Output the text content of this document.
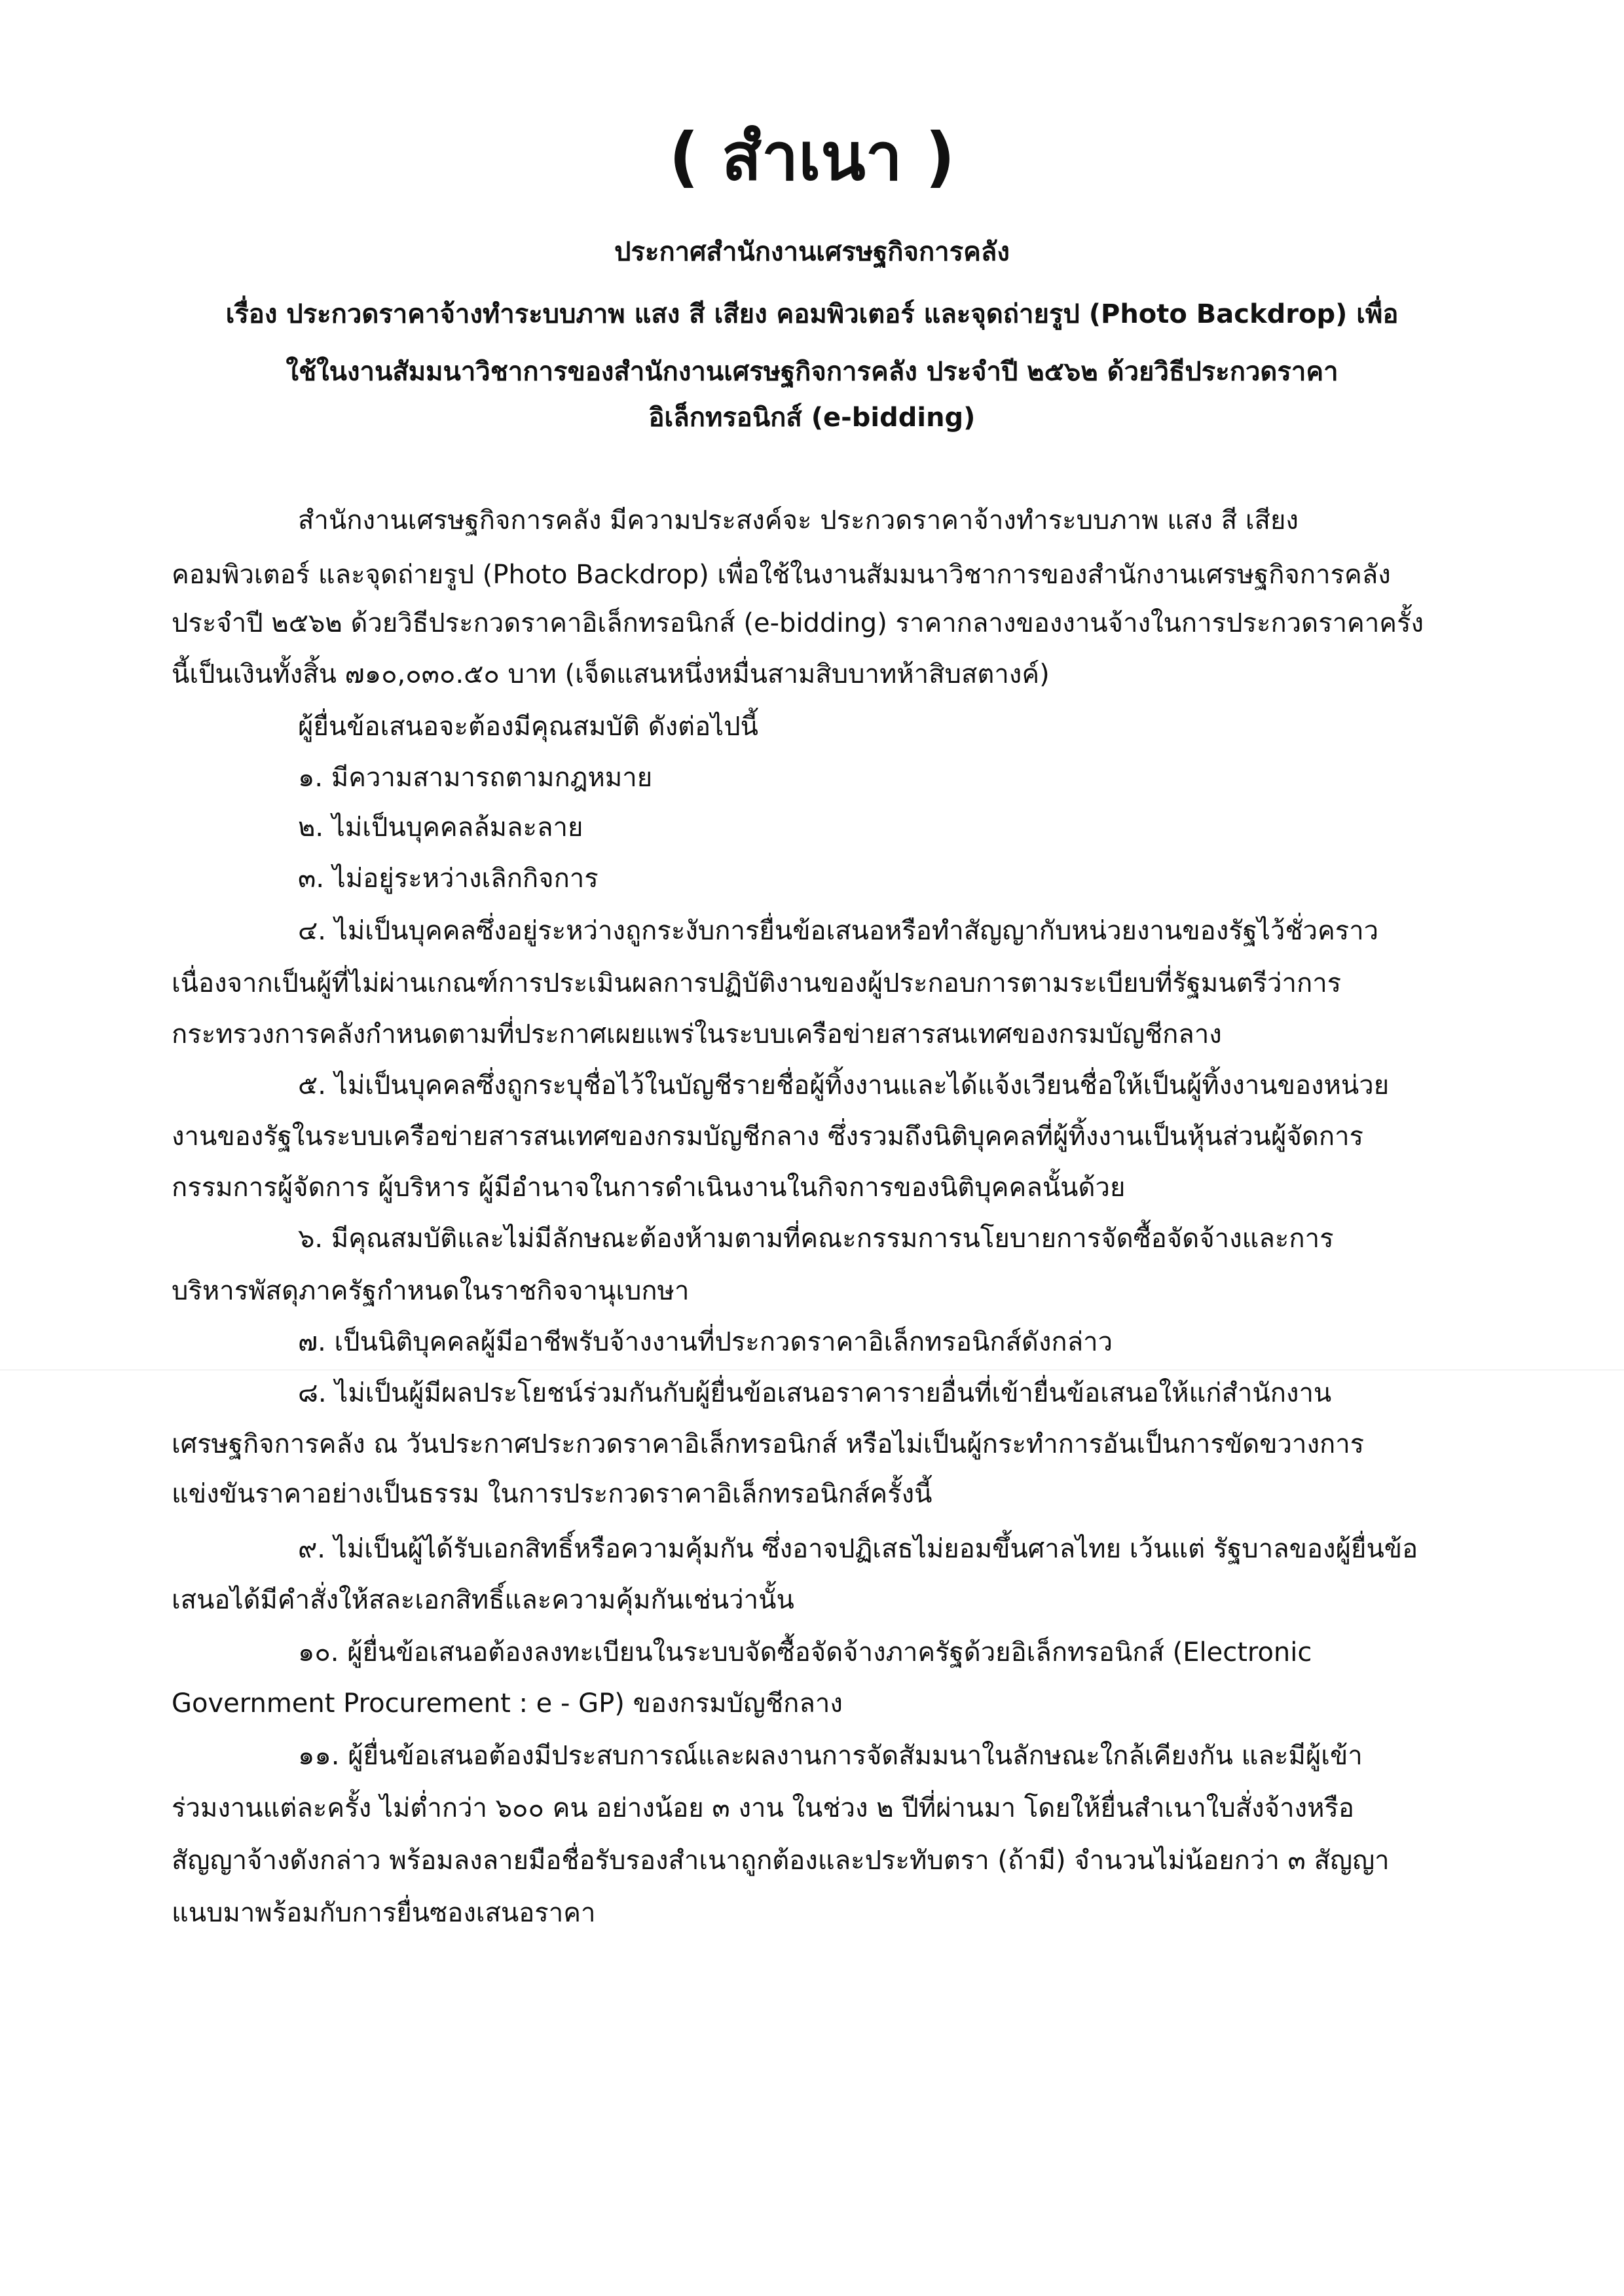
( สำเนา )
ประกาศสำนักงานเศรษฐกิจการคลัง
เรื่อง ประกวดราคาจ้างทำระบบภาพ แสง สี เสียง คอมพิวเตอร์ และจุดถ่ายรูป (Photo Backdrop) เพื่อ
ใช้ในงานสัมมนาวิชาการของสำนักงานเศรษฐกิจการคลัง ประจำปี ๒๕๖๒ ด้วยวิธีประกวดราคา
อิเล็กทรอนิกส์ (e-bidding)
สำนักงานเศรษฐกิจการคลัง มีความประสงค์จะ ประกวดราคาจ้างทำระบบภาพ แสง สี เสียง
คอมพิวเตอร์ และจุดถ่ายรูป (Photo Backdrop) เพื่อใช้ในงานสัมมนาวิชาการของสำนักงานเศรษฐกิจการคลัง
ประจำปี ๒๕๖๒ ด้วยวิธีประกวดราคาอิเล็กทรอนิกส์ (e-bidding) ราคากลางของงานจ้างในการประกวดราคาครั้ง
นี้เป็นเงินทั้งสิ้น ๗๑๐,๐๓๐.๕๐ บาท (เจ็ดแสนหนึ่งหมื่นสามสิบบาทห้าสิบสตางค์)
ผู้ยื่นข้อเสนอจะต้องมีคุณสมบัติ ดังต่อไปนี้
๑. มีความสามารถตามกฎหมาย
๒. ไม่เป็นบุคคลล้มละลาย
๓. ไม่อยู่ระหว่างเลิกกิจการ
๔. ไม่เป็นบุคคลซึ่งอยู่ระหว่างถูกระงับการยื่นข้อเสนอหรือทำสัญญากับหน่วยงานของรัฐไว้ชั่วคราว
เนื่องจากเป็นผู้ที่ไม่ผ่านเกณฑ์การประเมินผลการปฏิบัติงานของผู้ประกอบการตามระเบียบที่รัฐมนตรีว่าการ
กระทรวงการคลังกำหนดตามที่ประกาศเผยแพร่ในระบบเครือข่ายสารสนเทศของกรมบัญชีกลาง
๕. ไม่เป็นบุคคลซึ่งถูกระบุชื่อไว้ในบัญชีรายชื่อผู้ทิ้งงานและได้แจ้งเวียนชื่อให้เป็นผู้ทิ้งงานของหน่วย
งานของรัฐในระบบเครือข่ายสารสนเทศของกรมบัญชีกลาง ซึ่งรวมถึงนิติบุคคลที่ผู้ทิ้งงานเป็นหุ้นส่วนผู้จัดการ
กรรมการผู้จัดการ ผู้บริหาร ผู้มีอำนาจในการดำเนินงานในกิจการของนิติบุคคลนั้นด้วย
๖. มีคุณสมบัติและไม่มีลักษณะต้องห้ามตามที่คณะกรรมการนโยบายการจัดซื้อจัดจ้างและการ
บริหารพัสดุภาครัฐกำหนดในราชกิจจานุเบกษา
๗. เป็นนิติบุคคลผู้มีอาชีพรับจ้างงานที่ประกวดราคาอิเล็กทรอนิกส์ดังกล่าว
๘. ไม่เป็นผู้มีผลประโยชน์ร่วมกันกับผู้ยื่นข้อเสนอราคารายอื่นที่เข้ายื่นข้อเสนอให้แก่สำนักงาน
เศรษฐกิจการคลัง ณ วันประกาศประกวดราคาอิเล็กทรอนิกส์ หรือไม่เป็นผู้กระทำการอันเป็นการขัดขวางการ
แข่งขันราคาอย่างเป็นธรรม ในการประกวดราคาอิเล็กทรอนิกส์ครั้งนี้
๙. ไม่เป็นผู้ได้รับเอกสิทธิ์หรือความคุ้มกัน ซึ่งอาจปฏิเสธไม่ยอมขึ้นศาลไทย เว้นแต่ รัฐบาลของผู้ยื่นข้อ
เสนอได้มีคำสั่งให้สละเอกสิทธิ์และความคุ้มกันเช่นว่านั้น
๑๐. ผู้ยื่นข้อเสนอต้องลงทะเบียนในระบบจัดซื้อจัดจ้างภาครัฐด้วยอิเล็กทรอนิกส์ (Electronic
Government Procurement : e - GP) ของกรมบัญชีกลาง
๑๑. ผู้ยื่นข้อเสนอต้องมีประสบการณ์และผลงานการจัดสัมมนาในลักษณะใกล้เคียงกัน และมีผู้เข้า
ร่วมงานแต่ละครั้ง ไม่ต่ำกว่า ๖๐๐ คน อย่างน้อย ๓ งาน ในช่วง ๒ ปีที่ผ่านมา โดยให้ยื่นสำเนาใบสั่งจ้างหรือ
สัญญาจ้างดังกล่าว พร้อมลงลายมือชื่อรับรองสำเนาถูกต้องและประทับตรา (ถ้ามี) จำนวนไม่น้อยกว่า ๓ สัญญา
แนบมาพร้อมกับการยื่นซองเสนอราคา
